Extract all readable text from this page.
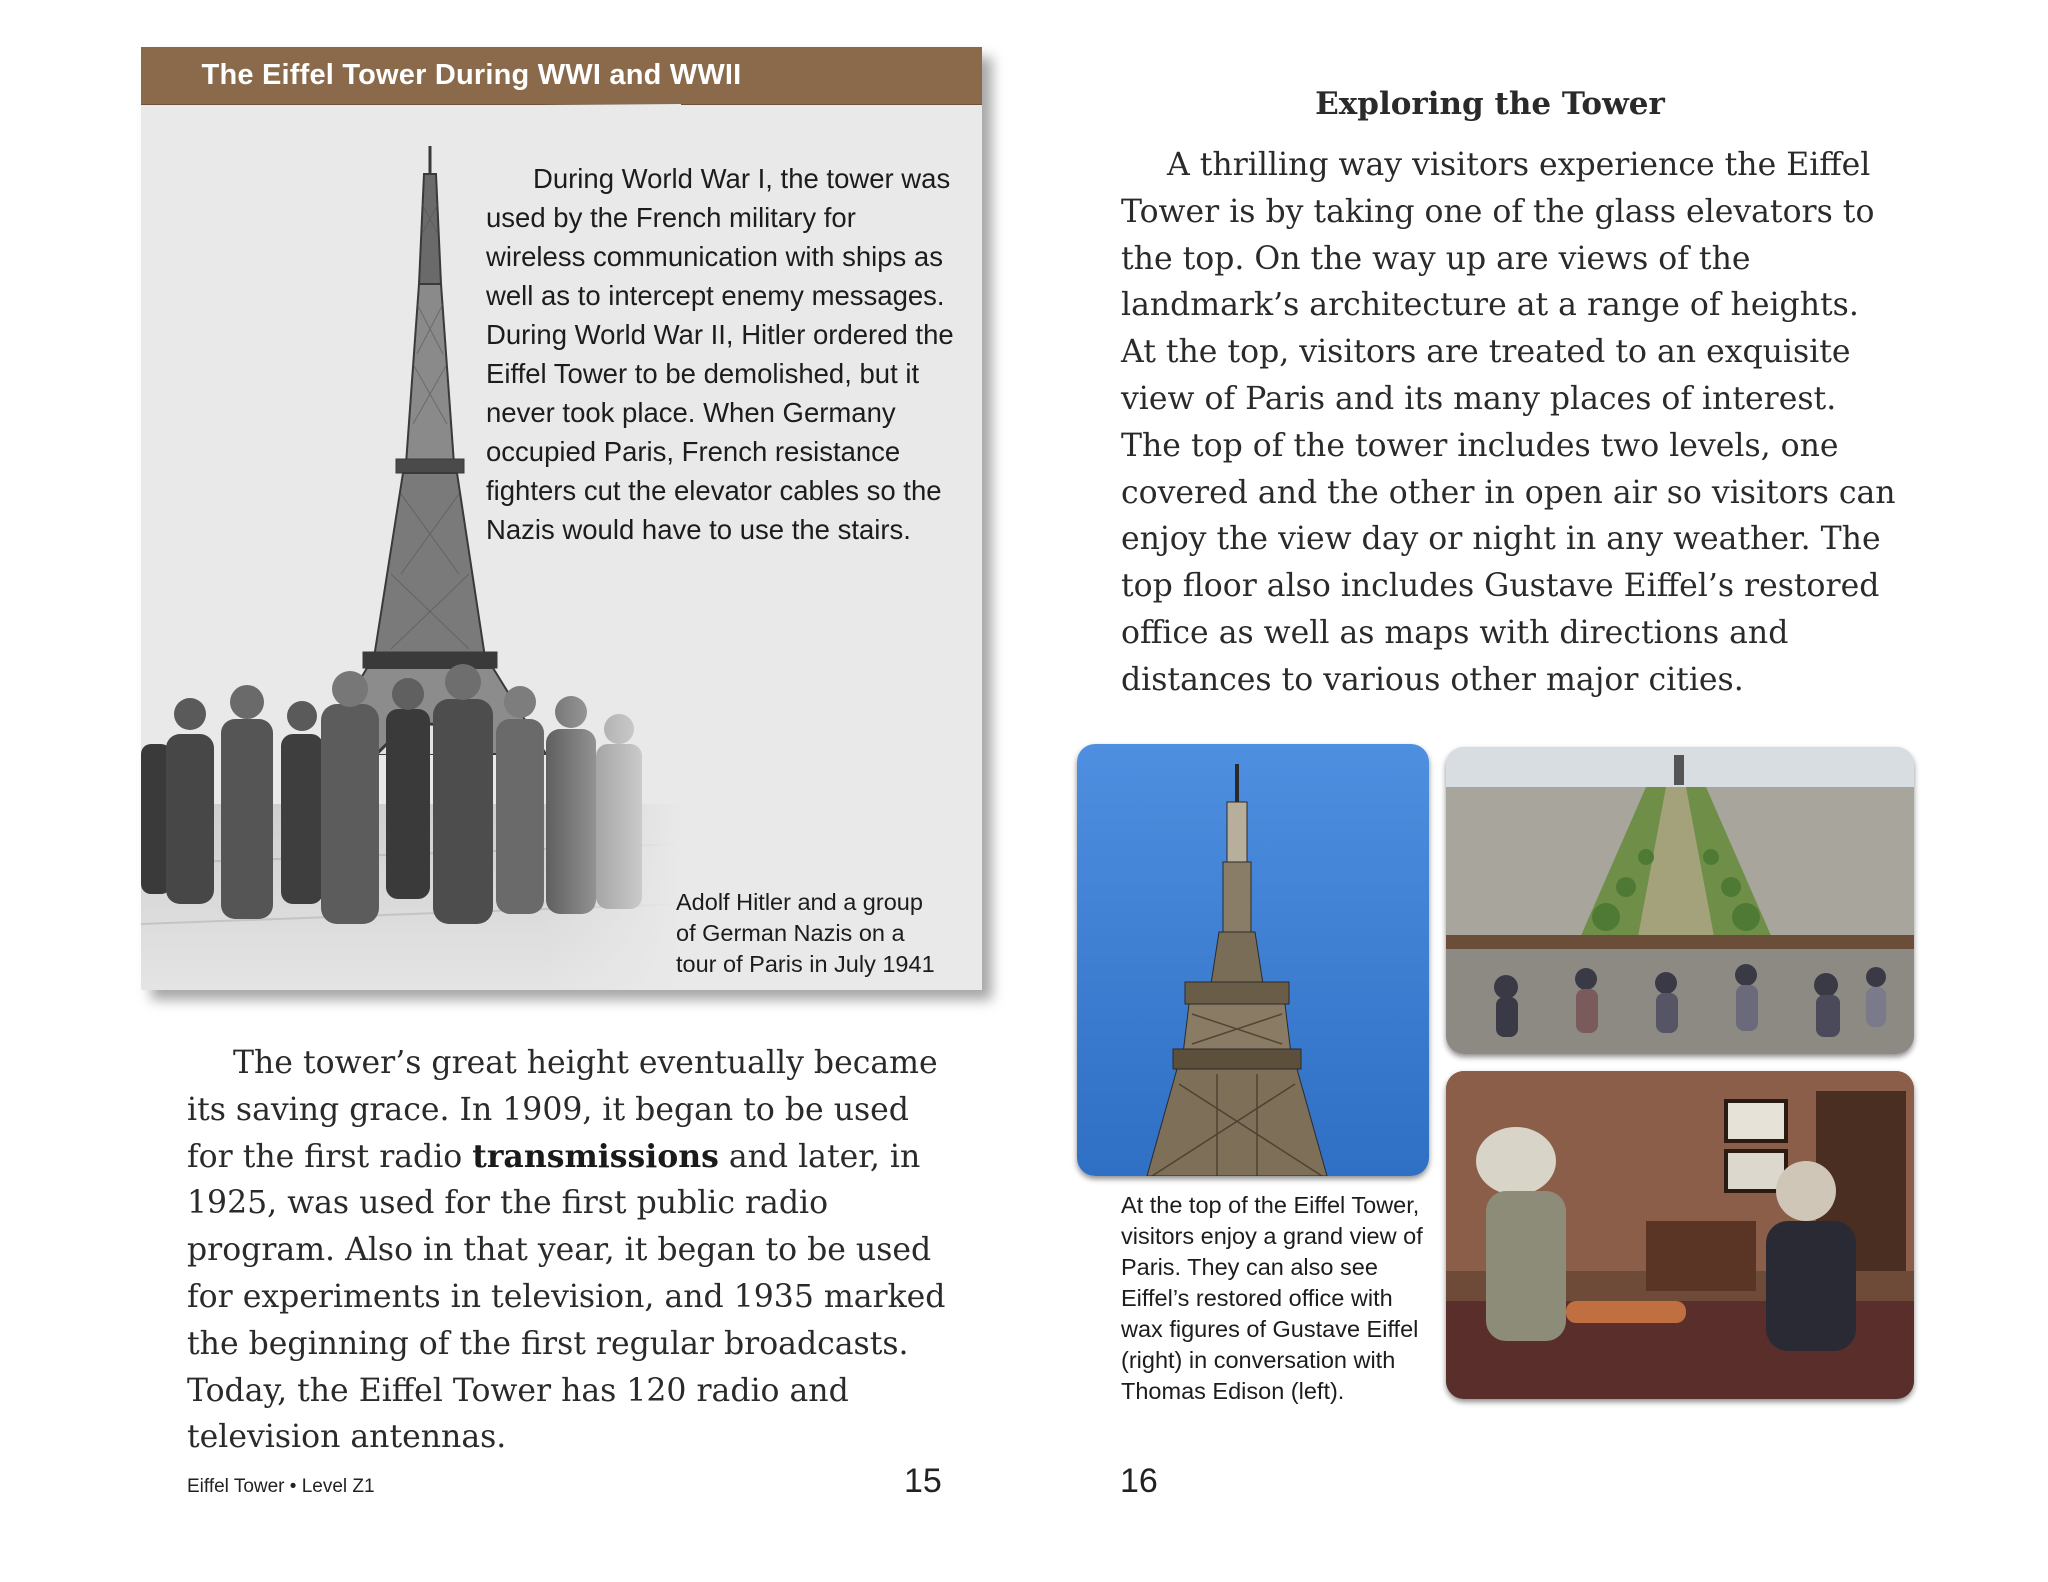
The Eiffel Tower During WWI and WWII

During World War I, the tower was used by the French military for wireless communication with ships as well as to intercept enemy messages. During World War II, Hitler ordered the Eiffel Tower to be demolished, but it never took place. When Germany occupied Paris, French resistance fighters cut the elevator cables so the Nazis would have to use the stairs.

Adolf Hitler and a group
of German Nazis on a
tour of Paris in July 1941

The tower’s great height eventually became its saving grace. In 1909, it began to be used for the first radio transmissions and later, in 1925, was used for the first public radio program. Also in that year, it began to be used for experiments in television, and 1935 marked the beginning of the first regular broadcasts. Today, the Eiffel Tower has 120 radio and television antennas.

Exploring the Tower

A thrilling way visitors experience the Eiffel Tower is by taking one of the glass elevators to the top. On the way up are views of the landmark’s architecture at a range of heights. At the top, visitors are treated to an exquisite view of Paris and its many places of interest. The top of the tower includes two levels, one covered and the other in open air so visitors can enjoy the view day or night in any weather. The top floor also includes Gustave Eiffel’s restored office as well as maps with directions and distances to various other major cities.

At the top of the Eiffel Tower,
visitors enjoy a grand view of
Paris. They can also see
Eiffel’s restored office with
wax figures of Gustave Eiffel
(right) in conversation with
Thomas Edison (left).
Eiffel Tower • Level Z1	15	16
